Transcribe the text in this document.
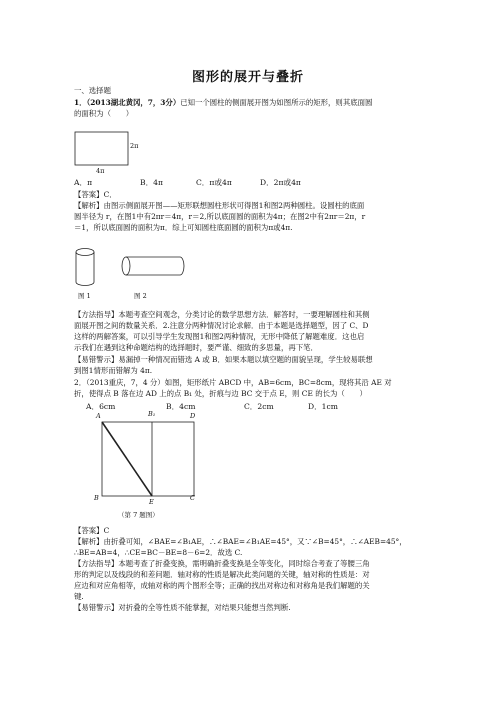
图形的展开与叠折
一、选择题
1．（2013湖北黄冈，7，3分）已知一个圆柱的侧面展开图为如图所示的矩形，则其底面圆
的面积为（　　）
2π
4π
A．π	B．4π	C．π或4π	D．2π或4π
【答案】C．
【解析】由图示侧面展开图——矩形联想圆柱形状可得图1和图2两种圆柱。设圆柱的底面
圆半径为 r，在图1中有2πr＝4π，r＝2,所以底面圆的面积为4π；在图2中有2πr＝2π，r
＝1，所以底面圆的面积为π．综上可知圆柱底面圆的面积为π或4π.
图 1	图 2
【方法指导】本题考查空间观念，分类讨论的数学思想方法．解答时，一要理解圆柱和其侧
面展开图之间的数量关系．2.注意分两种情况讨论求解．由于本题是选择题型，因了 C、D
这样的两解答案，可以引导学生发现图1和图2两种情况，无形中降低了解题难度．这也启
示我们在遇到这种命题结构的选择题时，要严谨、细致的多思量，再下笔．
【易错警示】易漏掉一种情况而错选 A 或 B．如果本题以填空题的面貌呈现，学生较易联想
到图1情形而错解为 4π.
2．（2013重庆，7，4 分）如图，矩形纸片 ABCD 中，AB=6cm，BC=8cm，现将其沿 AE 对
折，使得点 B 落在边 AD 上的点 B₁ 处，折痕与边 BC 交于点 E，则 CE 的长为（　　）
A．6cm	B．4cm	C．2cm	D．1cm
A	B₁	D
B	E	C
（第 7 题图）
【答案】C
【解析】由折叠可知，∠BAE=∠B₁AE，∴∠BAE=∠B₁AE=45°，又∵∠B=45°，∴∠AEB=45°，
∴BE=AB=4，∴CE=BC－BE=8－6=2．故选 C.
【方法指导】本题考查了折叠变换，需明确折叠变换是全等变化，同时综合考查了等腰三角
形的判定以及线段的和差问题．轴对称的性质是解决此类问题的关键，轴对称的性质是：对
应边和对应角相等，成轴对称的两个图形全等；正确的找出对称边和对称角是我们解题的关
键.
【易错警示】对折叠的全等性质不能掌握，对结果只能想当然判断.
